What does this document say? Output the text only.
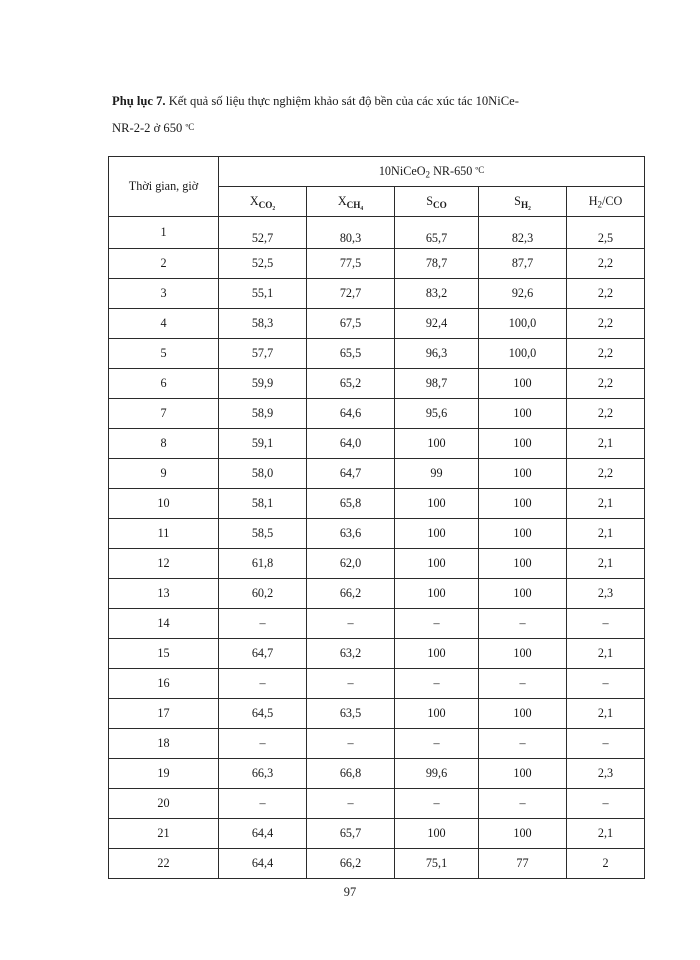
Phụ lục 7. Kết quả số liệu thực nghiệm khảo sát độ bền của các xúc tác 10NiCe-
NR-2-2 ở 650 ºC
Thời gian, giờ	10NiCeO$_2$ NR-650 ºC				
	$X_{CO_2}$	$X_{CH_4}$	$S_{CO}$	$S_{H_2}$	$H_2/CO$
1	52,7	80,3	65,7	82,3	2,5
2	52,5	77,5	78,7	87,7	2,2
3	55,1	72,7	83,2	92,6	2,2
4	58,3	67,5	92,4	100,0	2,2
5	57,7	65,5	96,3	100,0	2,2
6	59,9	65,2	98,7	100	2,2
7	58,9	64,6	95,6	100	2,2
8	59,1	64,0	100	100	2,1
9	58,0	64,7	99	100	2,2
10	58,1	65,8	100	100	2,1
11	58,5	63,6	100	100	2,1
12	61,8	62,0	100	100	2,1
13	60,2	66,2	100	100	2,3
14	–	–	–	–	–
15	64,7	63,2	100	100	2,1
16	–	–	–	–	–
17	64,5	63,5	100	100	2,1
18	–	–	–	–	–
19	66,3	66,8	99,6	100	2,3
20	–	–	–	–	–
21	64,4	65,7	100	100	2,1
22	64,4	66,2	75,1	77	2
97
